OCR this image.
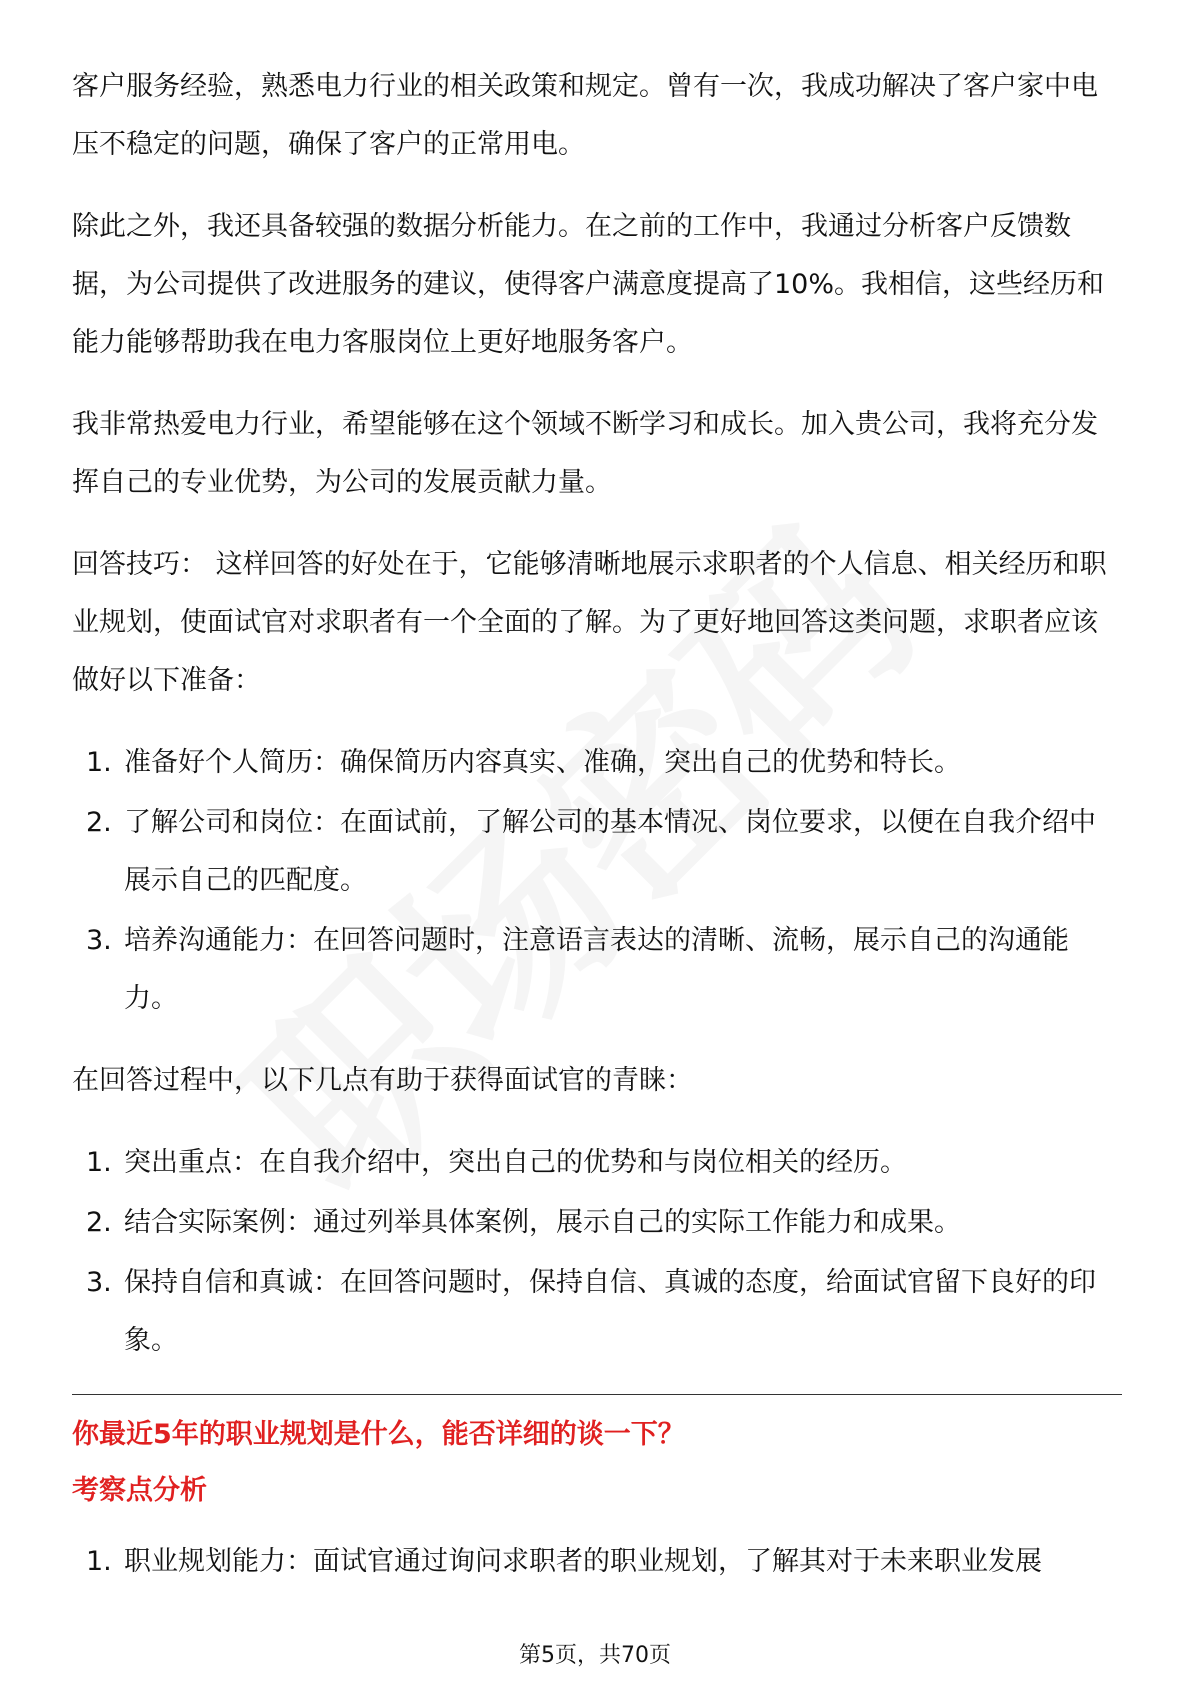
客户服务经验，熟悉电力行业的相关政策和规定。曾有一次，我成功解决了客户家中电压不稳定的问题，确保了客户的正常用电。

除此之外，我还具备较强的数据分析能力。在之前的工作中，我通过分析客户反馈数据，为公司提供了改进服务的建议，使得客户满意度提高了10%。我相信，这些经历和能力能够帮助我在电力客服岗位上更好地服务客户。

我非常热爱电力行业，希望能够在这个领域不断学习和成长。加入贵公司，我将充分发挥自己的专业优势，为公司的发展贡献力量。

回答技巧： 这样回答的好处在于，它能够清晰地展示求职者的个人信息、相关经历和职业规划，使面试官对求职者有一个全面的了解。为了更好地回答这类问题，求职者应该做好以下准备：

1. 准备好个人简历：确保简历内容真实、准确，突出自己的优势和特长。
2. 了解公司和岗位：在面试前，了解公司的基本情况、岗位要求，以便在自我介绍中展示自己的匹配度。
3. 培养沟通能力：在回答问题时，注意语言表达的清晰、流畅，展示自己的沟通能力。

在回答过程中，以下几点有助于获得面试官的青睐：

1. 突出重点：在自我介绍中，突出自己的优势和与岗位相关的经历。
2. 结合实际案例：通过列举具体案例，展示自己的实际工作能力和成果。
3. 保持自信和真诚：在回答问题时，保持自信、真诚的态度，给面试官留下良好的印象。
你最近5年的职业规划是什么，能否详细的谈一下？
考察点分析
1. 职业规划能力：面试官通过询问求职者的职业规划，了解其对于未来职业发展
第5页，共70页
